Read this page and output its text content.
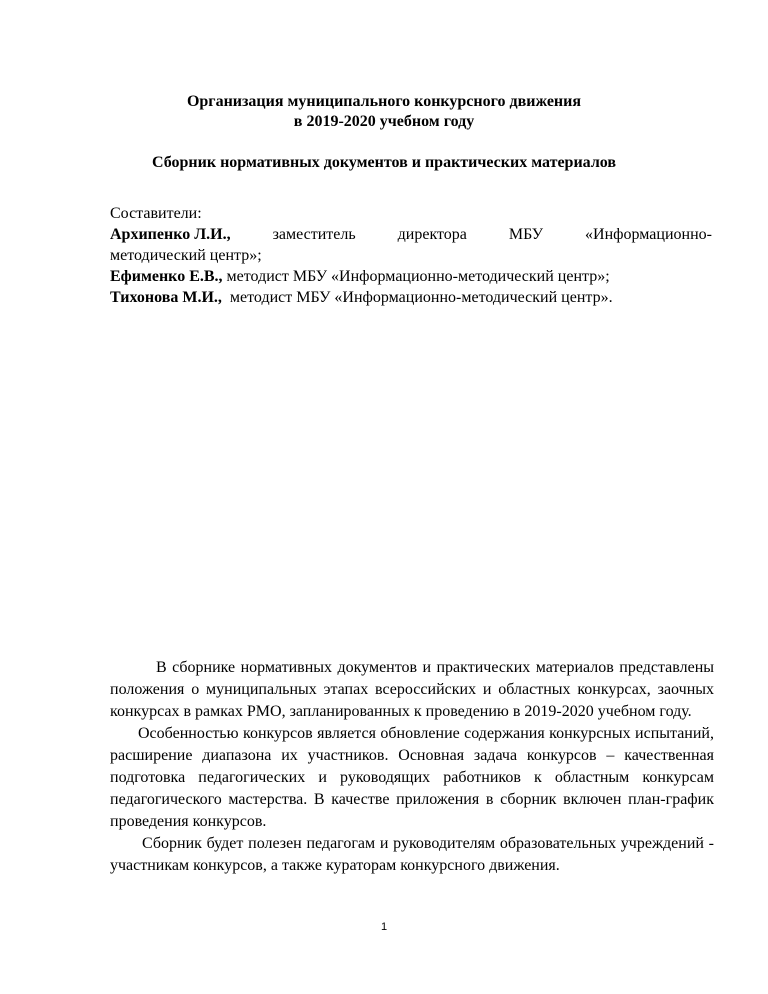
Организация муниципального конкурсного движения
в 2019-2020 учебном году
Сборник нормативных документов и практических материалов
Составители:
Архипенко Л.И.,	заместитель	директора	МБУ	«Информационно-
методический центр»;
Ефименко Е.В., методист МБУ «Информационно-методический центр»;
Тихонова М.И.,  методист МБУ «Информационно-методический центр».

В сборнике нормативных документов и практических материалов представлены положения о муниципальных этапах всероссийских и областных конкурсах, заочных конкурсах в рамках РМО, запланированных к проведению в 2019-2020 учебном году.

Особенностью конкурсов является обновление содержания конкурсных испытаний, расширение диапазона их участников. Основная задача конкурсов – качественная подготовка педагогических и руководящих работников к областным конкурсам педагогического мастерства. В качестве приложения в сборник включен план-график проведения конкурсов.

Сборник будет полезен педагогам и руководителям образовательных учреждений - участникам конкурсов, а также кураторам конкурсного движения.

1
